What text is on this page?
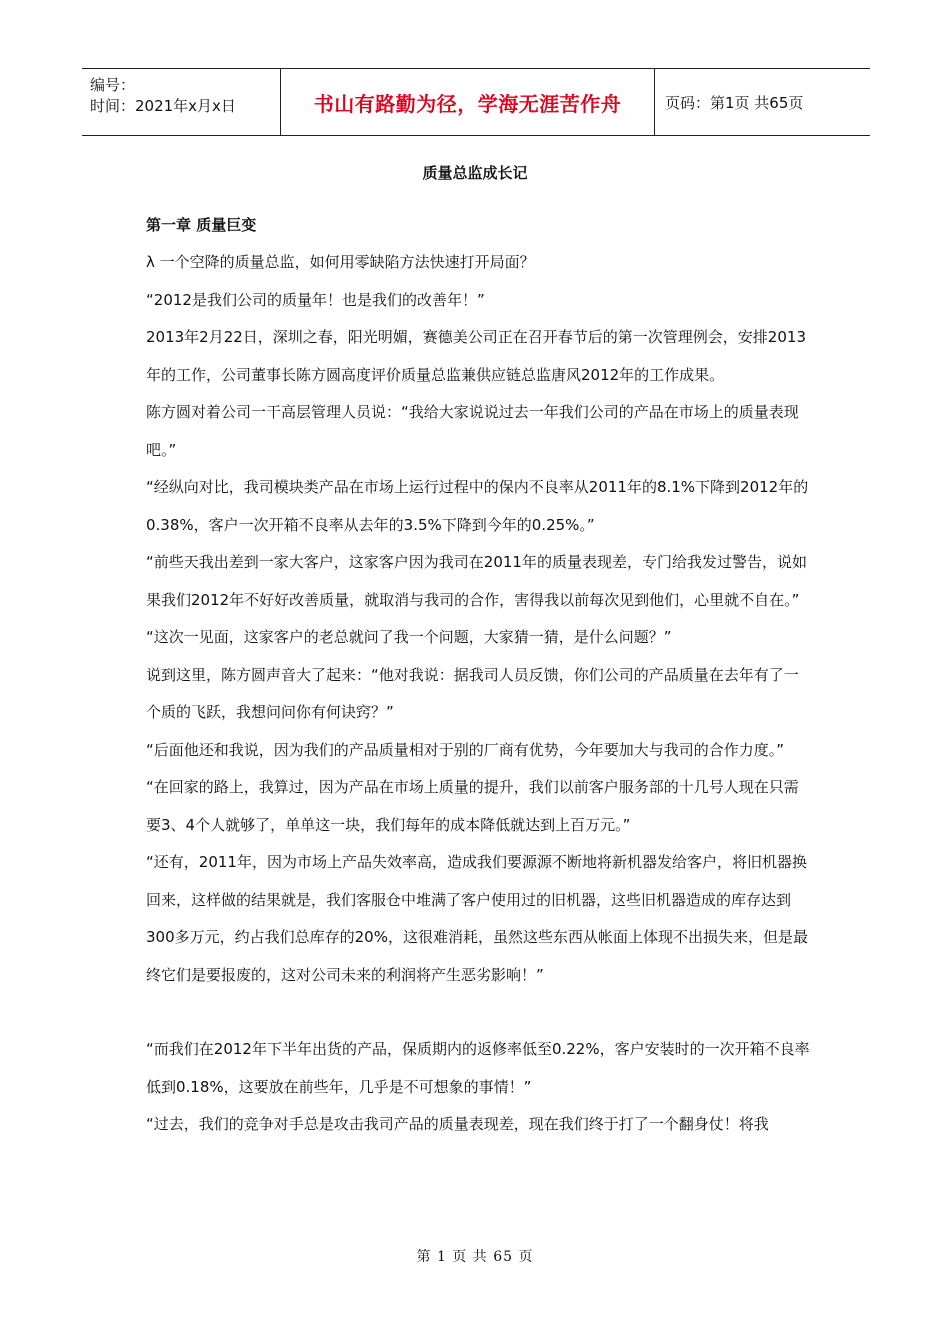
编号：
时间：2021年x月x日	书山有路勤为径，学海无涯苦作舟	页码：第1页 共65页
质量总监成长记
第一章 质量巨变

λ 一个空降的质量总监，如何用零缺陷方法快速打开局面？

“2012是我们公司的质量年！也是我们的改善年！”

2013年2月22日，深圳之春，阳光明媚，赛德美公司正在召开春节后的第一次管理例会，安排2013年的工作，公司董事长陈方圆高度评价质量总监兼供应链总监唐风2012年的工作成果。

陈方圆对着公司一干高层管理人员说：“我给大家说说过去一年我们公司的产品在市场上的质量表现吧。”

“经纵向对比，我司模块类产品在市场上运行过程中的保内不良率从2011年的8.1%下降到2012年的0.38%，客户一次开箱不良率从去年的3.5%下降到今年的0.25%。”

“前些天我出差到一家大客户，这家客户因为我司在2011年的质量表现差，专门给我发过警告，说如果我们2012年不好好改善质量，就取消与我司的合作，害得我以前每次见到他们，心里就不自在。”

“这次一见面，这家客户的老总就问了我一个问题，大家猜一猜，是什么问题？”

说到这里，陈方圆声音大了起来：“他对我说：据我司人员反馈，你们公司的产品质量在去年有了一个质的飞跃，我想问问你有何诀窍？”

“后面他还和我说，因为我们的产品质量相对于别的厂商有优势，今年要加大与我司的合作力度。”

“在回家的路上，我算过，因为产品在市场上质量的提升，我们以前客户服务部的十几号人现在只需要3、4个人就够了，单单这一块，我们每年的成本降低就达到上百万元。”

“还有，2011年，因为市场上产品失效率高，造成我们要源源不断地将新机器发给客户，将旧机器换回来，这样做的结果就是，我们客服仓中堆满了客户使用过的旧机器，这些旧机器造成的库存达到300多万元，约占我们总库存的20%，这很难消耗，虽然这些东西从帐面上体现不出损失来，但是最终它们是要报废的，这对公司未来的利润将产生恶劣影响！”

“而我们在2012年下半年出货的产品，保质期内的返修率低至0.22%，客户安装时的一次开箱不良率低到0.18%，这要放在前些年，几乎是不可想象的事情！”

“过去，我们的竞争对手总是攻击我司产品的质量表现差，现在我们终于打了一个翻身仗！将我

第 1 页 共 65 页
